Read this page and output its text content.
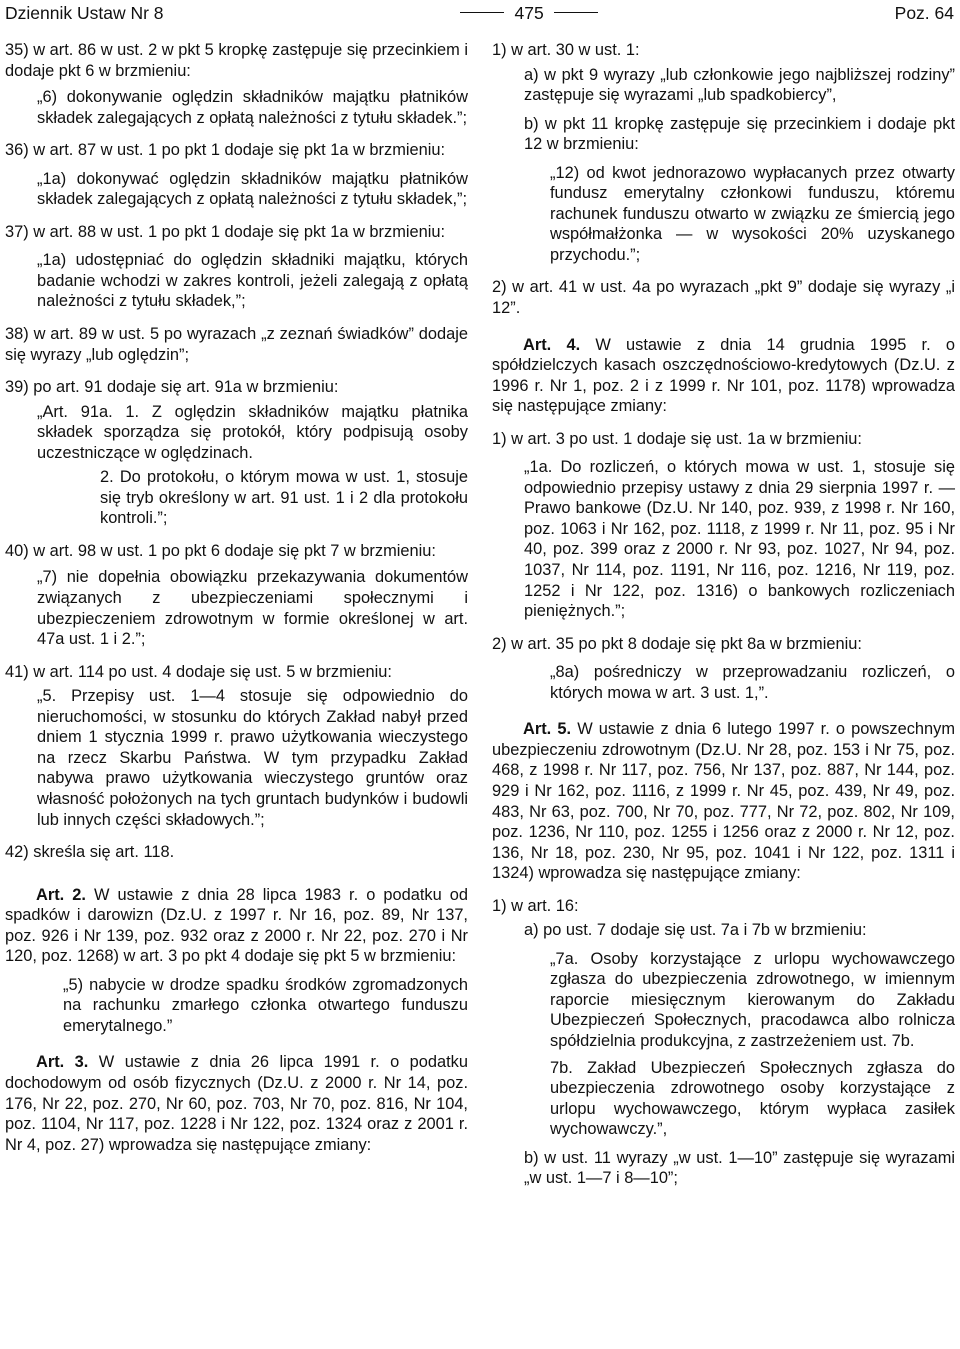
Dziennik Ustaw Nr 8	475	Poz. 64

35) w art. 86 w ust. 2 w pkt 5 kropkę zastępuje się przecinkiem i dodaje pkt 6 w brzmieniu:

„6) dokonywanie oględzin składników majątku płatników składek zalegających z opłatą należności z tytułu składek.”;

36) w art. 87 w ust. 1 po pkt 1 dodaje się pkt 1a w brzmieniu:

„1a) dokonywać oględzin składników majątku płatników składek zalegających z opłatą należności z tytułu składek,”;

37) w art. 88 w ust. 1 po pkt 1 dodaje się pkt 1a w brzmieniu:

„1a) udostępniać do oględzin składniki majątku, których badanie wchodzi w zakres kontroli, jeżeli zalegają z opłatą należności z tytułu składek,”;

38) w art. 89 w ust. 5 po wyrazach „z zeznań świadków” dodaje się wyrazy „lub oględzin”;

39) po art. 91 dodaje się art. 91a w brzmieniu:

„Art. 91a. 1. Z oględzin składników majątku płatnika składek sporządza się protokół, który podpisują osoby uczestniczące w oględzinach.

2. Do protokołu, o którym mowa w ust. 1, stosuje się tryb określony w art. 91 ust. 1 i 2 dla protokołu kontroli.”;

40) w art. 98 w ust. 1 po pkt 6 dodaje się pkt 7 w brzmieniu:

„7) nie dopełnia obowiązku przekazywania dokumentów związanych z ubezpieczeniami społecznymi i ubezpieczeniem zdrowotnym w formie określonej w art. 47a ust. 1 i 2.”;

41) w art. 114 po ust. 4 dodaje się ust. 5 w brzmieniu:

„5. Przepisy ust. 1—4 stosuje się odpowiednio do nieruchomości, w stosunku do których Zakład nabył przed dniem 1 stycznia 1999 r. prawo użytkowania wieczystego na rzecz Skarbu Państwa. W tym przypadku Zakład nabywa prawo użytkowania wieczystego gruntów oraz własność położonych na tych gruntach budynków i budowli lub innych części składowych.”;

42) skreśla się art. 118.

Art. 2. W ustawie z dnia 28 lipca 1983 r. o podatku od spadków i darowizn (Dz.U. z 1997 r. Nr 16, poz. 89, Nr 137, poz. 926 i Nr 139, poz. 932 oraz z 2000 r. Nr 22, poz. 270 i Nr 120, poz. 1268) w art. 3 po pkt 4 dodaje się pkt 5 w brzmieniu:

„5) nabycie w drodze spadku środków zgromadzonych na rachunku zmarłego członka otwartego funduszu emerytalnego.”

Art. 3. W ustawie z dnia 26 lipca 1991 r. o podatku dochodowym od osób fizycznych (Dz.U. z 2000 r. Nr 14, poz. 176, Nr 22, poz. 270, Nr 60, poz. 703, Nr 70, poz. 816, Nr 104, poz. 1104, Nr 117, poz. 1228 i Nr 122, poz. 1324 oraz z 2001 r. Nr 4, poz. 27) wprowadza się następujące zmiany:

1) w art. 30 w ust. 1:

a) w pkt 9 wyrazy „lub członkowie jego najbliższej rodziny” zastępuje się wyrazami „lub spadkobiercy”,

b) w pkt 11 kropkę zastępuje się przecinkiem i dodaje pkt 12 w brzmieniu:

„12) od kwot jednorazowo wypłacanych przez otwarty fundusz emerytalny członkowi funduszu, któremu rachunek funduszu otwarto w związku ze śmiercią jego współmałżonka — w wysokości 20% uzyskanego przychodu.”;

2) w art. 41 w ust. 4a po wyrazach „pkt 9” dodaje się wyrazy „i 12”.

Art. 4. W ustawie z dnia 14 grudnia 1995 r. o spółdzielczych kasach oszczędnościowo-kredytowych (Dz.U. z 1996 r. Nr 1, poz. 2 i z 1999 r. Nr 101, poz. 1178) wprowadza się następujące zmiany:

1) w art. 3 po ust. 1 dodaje się ust. 1a w brzmieniu:

„1a. Do rozliczeń, o których mowa w ust. 1, stosuje się odpowiednio przepisy ustawy z dnia 29 sierpnia 1997 r. — Prawo bankowe (Dz.U. Nr 140, poz. 939, z 1998 r. Nr 160, poz. 1063 i Nr 162, poz. 1118, z 1999 r. Nr 11, poz. 95 i Nr 40, poz. 399 oraz z 2000 r. Nr 93, poz. 1027, Nr 94, poz. 1037, Nr 114, poz. 1191, Nr 116, poz. 1216, Nr 119, poz. 1252 i Nr 122, poz. 1316) o bankowych rozliczeniach pieniężnych.”;

2) w art. 35 po pkt 8 dodaje się pkt 8a w brzmieniu:

„8a) pośredniczy w przeprowadzaniu rozliczeń, o których mowa w art. 3 ust. 1,”.

Art. 5. W ustawie z dnia 6 lutego 1997 r. o powszechnym ubezpieczeniu zdrowotnym (Dz.U. Nr 28, poz. 153 i Nr 75, poz. 468, z 1998 r. Nr 117, poz. 756, Nr 137, poz. 887, Nr 144, poz. 929 i Nr 162, poz. 1116, z 1999 r. Nr 45, poz. 439, Nr 49, poz. 483, Nr 63, poz. 700, Nr 70, poz. 777, Nr 72, poz. 802, Nr 109, poz. 1236, Nr 110, poz. 1255 i 1256 oraz z 2000 r. Nr 12, poz. 136, Nr 18, poz. 230, Nr 95, poz. 1041 i Nr 122, poz. 1311 i 1324) wprowadza się następujące zmiany:

1) w art. 16:

a) po ust. 7 dodaje się ust. 7a i 7b w brzmieniu:

„7a. Osoby korzystające z urlopu wychowawczego zgłasza do ubezpieczenia zdrowotnego, w imiennym raporcie miesięcznym kierowanym do Zakładu Ubezpieczeń Społecznych, pracodawca albo rolnicza spółdzielnia produkcyjna, z zastrzeżeniem ust. 7b.

7b. Zakład Ubezpieczeń Społecznych zgłasza do ubezpieczenia zdrowotnego osoby korzystające z urlopu wychowawczego, którym wypłaca zasiłek wychowawczy.”,

b) w ust. 11 wyrazy „w ust. 1—10” zastępuje się wyrazami „w ust. 1—7 i 8—10”;
